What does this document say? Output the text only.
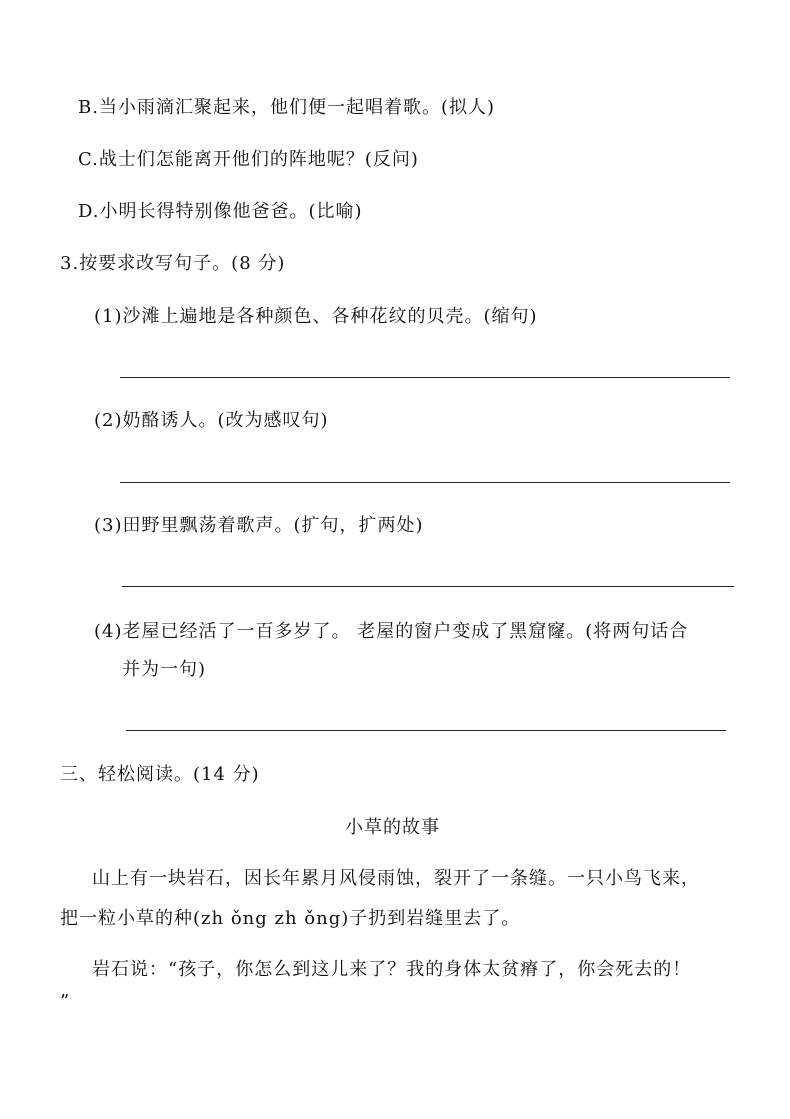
B.当小雨滴汇聚起来，他们便一起唱着歌。(拟人)
C.战士们怎能离开他们的阵地呢？(反问)
D.小明长得特别像他爸爸。(比喻)
3.按要求改写句子。(8 分)
(1)沙滩上遍地是各种颜色、各种花纹的贝壳。(缩句)
(2)奶酪诱人。(改为感叹句)
(3)田野里飘荡着歌声。(扩句，扩两处)
(4)老屋已经活了一百多岁了。 老屋的窗户变成了黑窟窿。(将两句话合
并为一句)
三、轻松阅读。(14 分)
小草的故事
山上有一块岩石，因长年累月风侵雨蚀，裂开了一条缝。一只小鸟飞来，
把一粒小草的种(zh ǒng zh ǒng)子扔到岩缝里去了。
岩石说：“孩子，你怎么到这儿来了？我的身体太贫瘠了，你会死去的！
”
